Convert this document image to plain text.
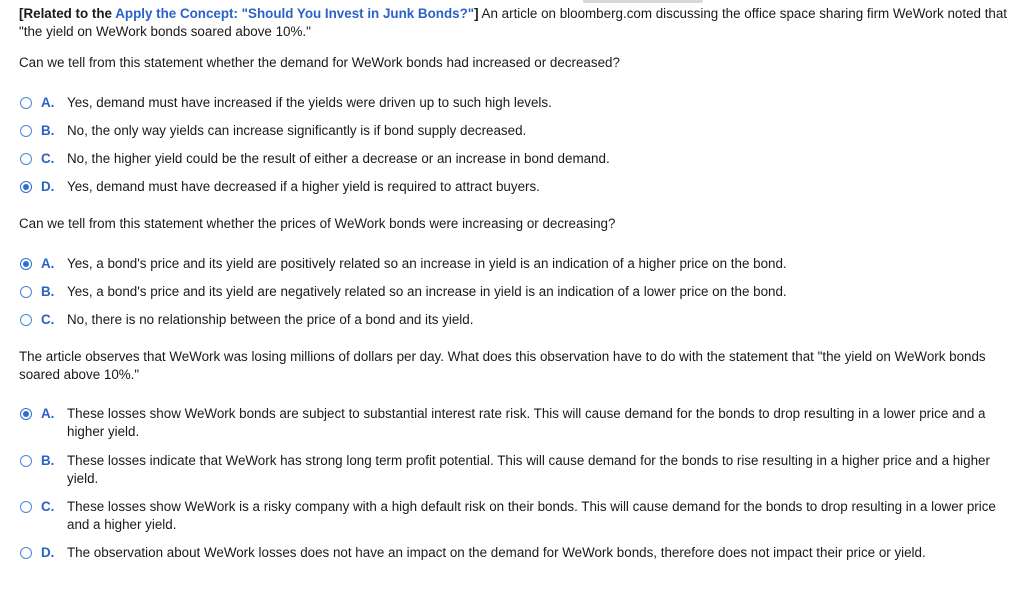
[Related to the Apply the Concept: "Should You Invest in Junk Bonds?"] An article on bloomberg.com discussing the office space sharing firm WeWork noted that "the yield on WeWork bonds soared above 10%."
Can we tell from this statement whether the demand for WeWork bonds had increased or decreased?
A. Yes, demand must have increased if the yields were driven up to such high levels.
B. No, the only way yields can increase significantly is if bond supply decreased.
C. No, the higher yield could be the result of either a decrease or an increase in bond demand.
D. Yes, demand must have decreased if a higher yield is required to attract buyers.
Can we tell from this statement whether the prices of WeWork bonds were increasing or decreasing?
A. Yes, a bond's price and its yield are positively related so an increase in yield is an indication of a higher price on the bond.
B. Yes, a bond's price and its yield are negatively related so an increase in yield is an indication of a lower price on the bond.
C. No, there is no relationship between the price of a bond and its yield.
The article observes that WeWork was losing millions of dollars per day. What does this observation have to do with the statement that "the yield on WeWork bonds soared above 10%."
A. These losses show WeWork bonds are subject to substantial interest rate risk. This will cause demand for the bonds to drop resulting in a lower price and a higher yield.
B. These losses indicate that WeWork has strong long term profit potential. This will cause demand for the bonds to rise resulting in a higher price and a higher yield.
C. These losses show WeWork is a risky company with a high default risk on their bonds. This will cause demand for the bonds to drop resulting in a lower price and a higher yield.
D. The observation about WeWork losses does not have an impact on the demand for WeWork bonds, therefore does not impact their price or yield.
